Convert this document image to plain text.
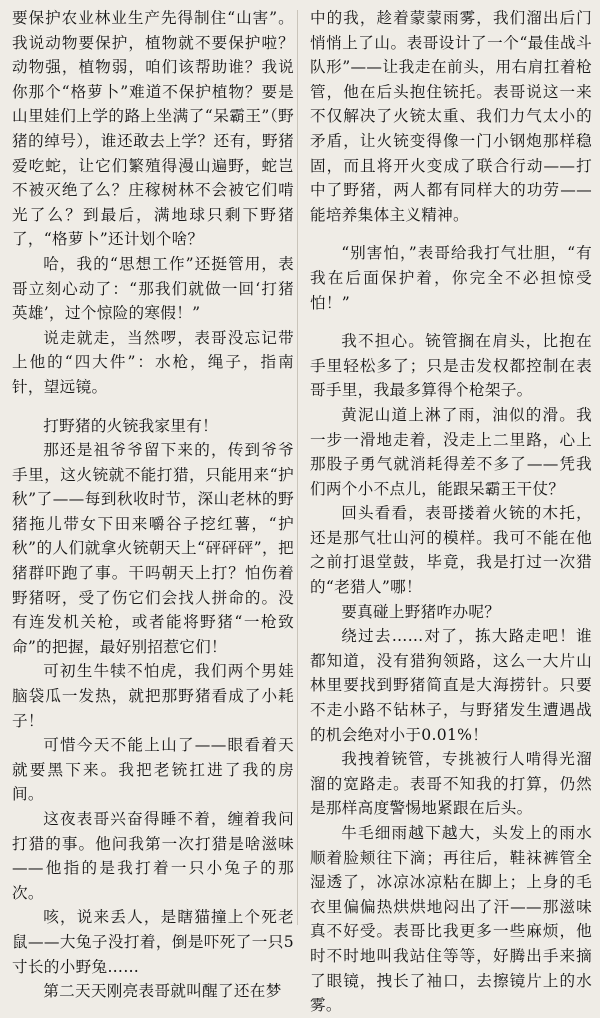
要保护农业林业生产先得制住“山害”。我说动物要保护，植物就不要保护啦？动物强，植物弱，咱们该帮助谁？我说你那个“格萝卜”难道不保护植物？要是山里娃们上学的路上坐满了“呆霸王”（野猪的绰号），谁还敢去上学？还有，野猪爱吃蛇，让它们繁殖得漫山遍野，蛇岂不被灭绝了么？庄稼树林不会被它们啃光了么？到最后，满地球只剩下野猪了，“格萝卜”还计划个啥？

哈，我的“思想工作”还挺管用，表哥立刻心动了：“那我们就做一回‘打猪英雄’，过个惊险的寒假！”

说走就走，当然啰，表哥没忘记带上他的“四大件”：水枪，绳子，指南针，望远镜。

打野猪的火铳我家里有！

那还是祖爷爷留下来的，传到爷爷手里，这火铳就不能打猎，只能用来“护秋”了——每到秋收时节，深山老林的野猪拖儿带女下田来嚼谷子挖红薯，“护秋”的人们就拿火铳朝天上“砰砰砰”，把猪群吓跑了事。干吗朝天上打？怕伤着野猪呀，受了伤它们会找人拼命的。没有连发机关枪，或者能将野猪“一枪致命”的把握，最好别招惹它们！

可初生牛犊不怕虎，我们两个男娃脑袋瓜一发热，就把那野猪看成了小耗子！

可惜今天不能上山了——眼看着天就要黑下来。我把老铳扛进了我的房间。

这夜表哥兴奋得睡不着，缠着我问打猎的事。他问我第一次打猎是啥滋味——他指的是我打着一只小兔子的那次。

咳，说来丢人，是瞎猫撞上个死老鼠——大兔子没打着，倒是吓死了一只5寸长的小野兔……

第二天天刚亮表哥就叫醒了还在梦

中的我，趁着蒙蒙雨雾，我们溜出后门悄悄上了山。表哥设计了一个“最佳战斗队形”——让我走在前头，用右肩扛着枪管，他在后头抱住铳托。表哥说这一来不仅解决了火铳太重、我们力气太小的矛盾，让火铳变得像一门小钢炮那样稳固，而且将开火变成了联合行动——打中了野猪，两人都有同样大的功劳——能培养集体主义精神。

“别害怕，”表哥给我打气壮胆，“有我在后面保护着，你完全不必担惊受怕！”

我不担心。铳管搁在肩头，比抱在手里轻松多了；只是击发权都控制在表哥手里，我最多算得个枪架子。

黄泥山道上淋了雨，油似的滑。我一步一滑地走着，没走上二里路，心上那股子勇气就消耗得差不多了——凭我们两个小不点儿，能跟呆霸王干仗？

回头看看，表哥搂着火铳的木托，还是那气壮山河的模样。我可不能在他之前打退堂鼓，毕竟，我是打过一次猎的“老猎人”哪！

要真碰上野猪咋办呢？

绕过去……对了，拣大路走吧！谁都知道，没有猎狗领路，这么一大片山林里要找到野猪简直是大海捞针。只要不走小路不钻林子，与野猪发生遭遇战的机会绝对小于0.01%！

我拽着铳管，专挑被行人啃得光溜溜的宽路走。表哥不知我的打算，仍然是那样高度警惕地紧跟在后头。

牛毛细雨越下越大，头发上的雨水顺着脸颊往下滴；再往后，鞋袜裤管全湿透了，冰凉冰凉粘在脚上；上身的毛衣里偏偏热烘烘地闷出了汗——那滋味真不好受。表哥比我更多一些麻烦，他时不时地叫我站住等等，好腾出手来摘了眼镜，拽长了袖口，去擦镜片上的水雾。
